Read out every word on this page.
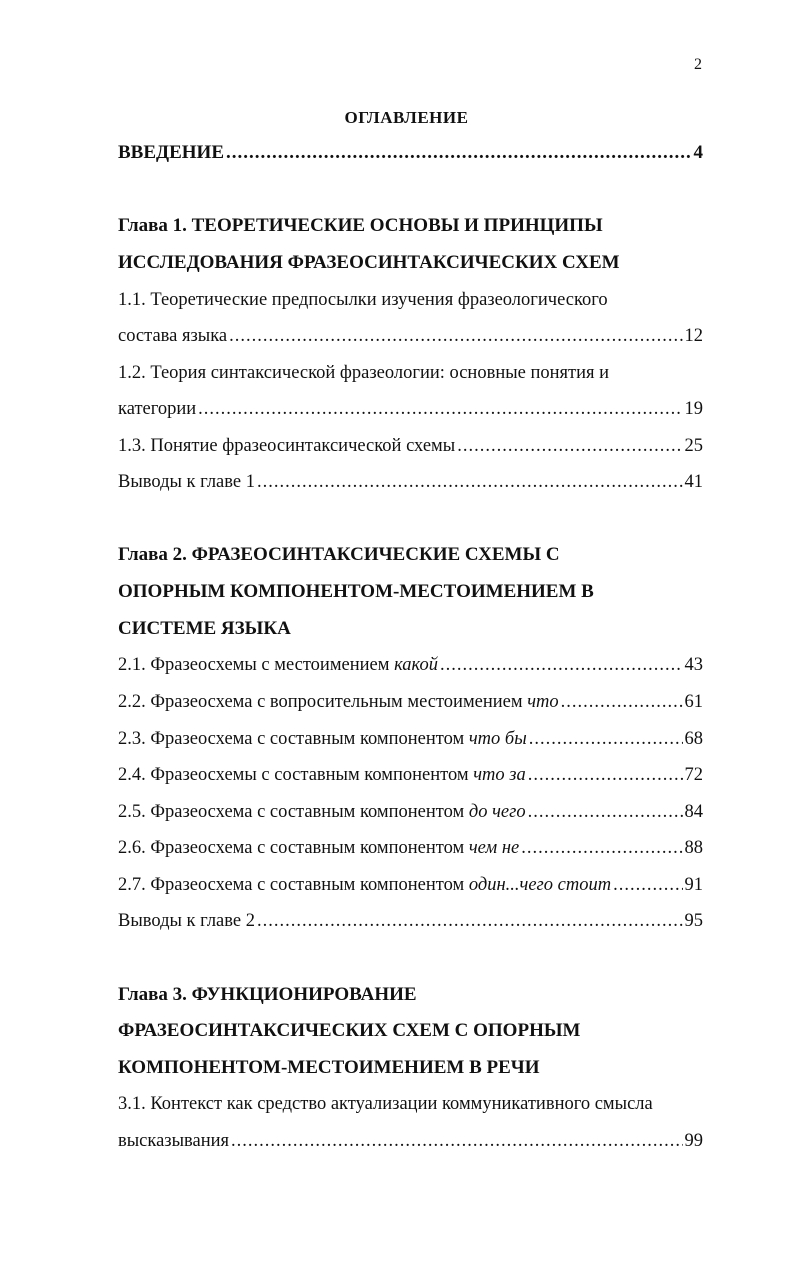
2
ОГЛАВЛЕНИЕ
ВВЕДЕНИЕ .....	4
Глава 1. ТЕОРЕТИЧЕСКИЕ ОСНОВЫ И ПРИНЦИПЫ
ИССЛЕДОВАНИЯ ФРАЗЕОСИНТАКСИЧЕСКИХ СХЕМ
1.1. Теоретические предпосылки изучения фразеологического
состава языка .....	12
1.2. Теория синтаксической фразеологии: основные понятия и
категории .....	19
1.3. Понятие фразеосинтаксической схемы .....	25
Выводы к главе 1 .....	41
Глава 2. ФРАЗЕОСИНТАКСИЧЕСКИЕ СХЕМЫ С
ОПОРНЫМ КОМПОНЕНТОМ-МЕСТОИМЕНИЕМ В
СИСТЕМЕ ЯЗЫКА
2.1. Фразеосхемы с местоимением какой .....	43
2.2. Фразеосхема с вопросительным местоимением что .....	61
2.3. Фразеосхема с составным компонентом что бы .....	68
2.4. Фразеосхемы с составным компонентом что за .....	72
2.5. Фразеосхема с составным компонентом до чего .....	84
2.6. Фразеосхема с составным компонентом чем не .....	88
2.7. Фразеосхема с составным компонентом один...чего стоит .....	91
Выводы к главе 2 .....	95
Глава 3. ФУНКЦИОНИРОВАНИЕ
ФРАЗЕОСИНТАКСИЧЕСКИХ СХЕМ С ОПОРНЫМ
КОМПОНЕНТОМ-МЕСТОИМЕНИЕМ В РЕЧИ
3.1. Контекст как средство актуализации коммуникативного смысла
высказывания .....	99
